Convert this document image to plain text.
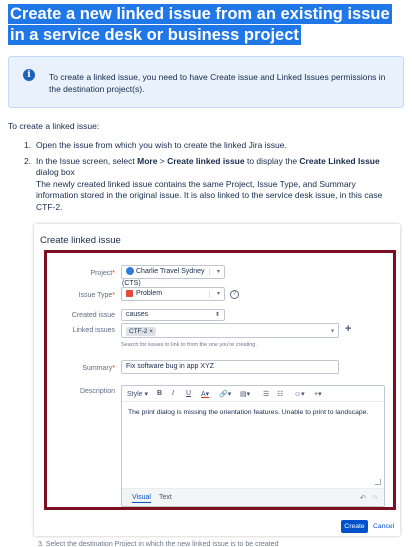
Create a new linked issue from an existing issue in a service desk or business project
i	To create a linked issue, you need to have Create issue and Linked Issues permissions in the destination project(s).
To create a linked issue:
1. Open the issue from which you wish to create the linked Jira issue.
2. In the Issue screen, select More > Create linked issue to display the Create Linked Issue dialog box
The newly created linked issue contains the same Project, Issue Type, and Summary information stored in the original issue. It is also linked to the service desk issue, in this case CTF-2.
Create linked issue
Project*	Charlie Travel Sydney (CTS)
▾
Issue Type*	Problem	▾	?
Created issue	causes	⬍
Linked issues	CTF-2 ×	▾ +
Search for issues to link to from the one you're creating.
Summary*	Fix software bug in app XYZ
Description Style ▾ B I U A▾ 🔗▾ ▤▾ ☰ ☷ ☺▾ +▾
The print dialog is missing the orientation features. Unable to print to landscape.
Visual Text	↶ ↷
Create	Cancel
3. Select the destination Project in which the new linked issue is to be created
